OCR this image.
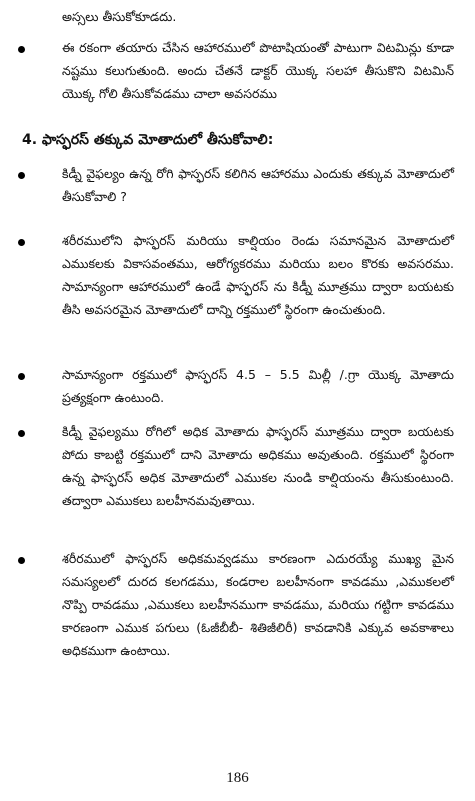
అస్సలు తీసుకోకూడదు.
ఈ రకంగా తయారు చేసిన ఆహారములో పొటాషియంతో పాటుగా విటమిన్లు కూడా నష్టము కలుగుతుంది. అందు చేతనే డాక్టర్ యొక్క సలహా తీసుకొని విటమిన్ యొక్క గోలి తీసుకోవడము చాలా అవసరము
4. ఫాస్ఫరస్ తక్కువ మోతాదులో తీసుకోవాలి:
కిడ్నీ వైఫల్యం ఉన్న రోగి ఫాస్ఫరస్ కలిగిన ఆహారము ఎందుకు తక్కువ మోతాదులో తీసుకోవాలి ?
శరీరములోని ఫాస్ఫరస్ మరియు కాల్షియం రెండు సమానమైన మోతాదులో ఎముకలకు వికాసవంతము, ఆరోగ్యకరము మరియు బలం కొరకు అవసరము. సామాన్యంగా ఆహారములో ఉండే ఫాస్ఫరస్ ను కిడ్నీ మూత్రము ద్వారా బయటకు తీసి అవసరమైన మోతాదులో దాన్ని రక్తములో స్థిరంగా ఉంచుతుంది.
సామాన్యంగా రక్తములో ఫాస్ఫరస్ 4.5 – 5.5 మిల్లీ /.గ్రా యొక్క మోతాదు ప్రత్యక్షంగా ఉంటుంది.
కిడ్నీ వైఫల్యము రోగిలో అధిక మోతాదు ఫాస్ఫరస్ మూత్రము ద్వారా బయటకు పోదు కాబట్టి రక్తములో దాని మోతాదు అధికము అవుతుంది. రక్తములో స్థిరంగా ఉన్న ఫాస్ఫరస్ అధిక మోతాదులో ఎముకల నుండి కాల్షియంను తీసుకుంటుంది. తద్వారా ఎముకలు బలహీనమవుతాయి.
శరీరములో ఫాస్ఫరస్ అధికమవ్వడము కారణంగా ఎదురయ్యే ముఖ్య మైన సమస్యలలో దురద కలగడము, కండరాల బలహీనంగా కావడము ,ఎముకలలో నొప్పి రావడము ,ఎముకలు బలహీనముగా కావడము, మరియు గట్టిగా కావడము కారణంగా ఎముక పగులు (ఓజీబీబీ- శితిజీలిరీ) కావడానికి ఎక్కువ అవకాశాలు అధికముగా ఉంటాయి.
186
